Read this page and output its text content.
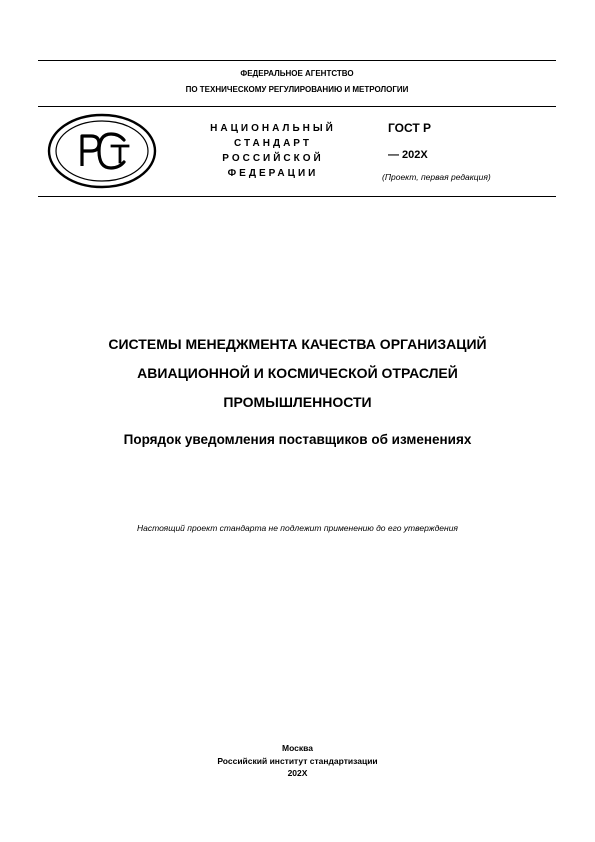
ФЕДЕРАЛЬНОЕ АГЕНТСТВО
ПО ТЕХНИЧЕСКОМУ РЕГУЛИРОВАНИЮ И МЕТРОЛОГИИ
НАЦИОНАЛЬНЫЙ
СТАНДАРТ
РОССИЙСКОЙ
ФЕДЕРАЦИИ
ГОСТ Р
— 202X
(Проект, первая редакция)
СИСТЕМЫ МЕНЕДЖМЕНТА КАЧЕСТВА ОРГАНИЗАЦИЙ
АВИАЦИОННОЙ И КОСМИЧЕСКОЙ ОТРАСЛЕЙ
ПРОМЫШЛЕННОСТИ
Порядок уведомления поставщиков об изменениях
Настоящий проект стандарта не подлежит применению до его утверждения
Москва
Российский институт стандартизации
202X
